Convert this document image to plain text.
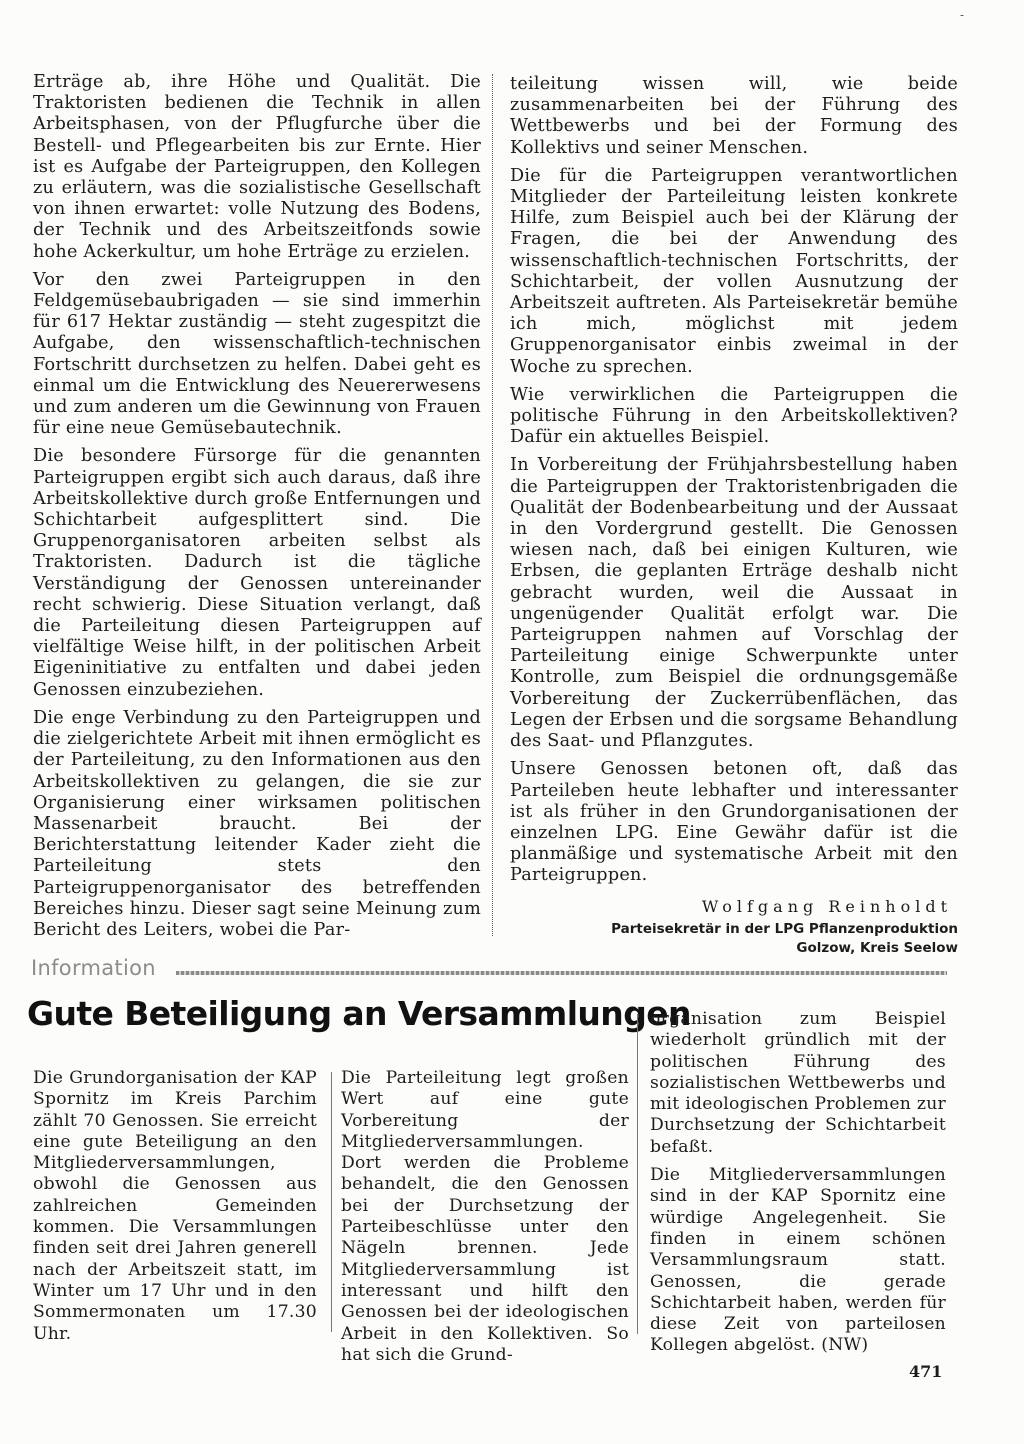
-

Erträge ab, ihre Höhe und Qualität. Die Traktoristen bedienen die Technik in allen Arbeitsphasen, von der Pflugfurche über die Bestell- und Pflegearbeiten bis zur Ernte. Hier ist es Aufgabe der Parteigruppen, den Kollegen zu erläutern, was die sozialistische Gesellschaft von ihnen erwartet: volle Nutzung des Bodens, der Technik und des Arbeitszeitfonds sowie hohe Ackerkultur, um hohe Erträge zu erzielen.

Vor den zwei Parteigruppen in den Feldgemüsebaubrigaden — sie sind immerhin für 617 Hektar zuständig — steht zugespitzt die Aufgabe, den wissenschaftlich-technischen Fortschritt durchsetzen zu helfen. Dabei geht es einmal um die Entwicklung des Neuererwesens und zum anderen um die Gewinnung von Frauen für eine neue Gemüsebautechnik.

Die besondere Fürsorge für die genannten Parteigruppen ergibt sich auch daraus, daß ihre Arbeitskollektive durch große Entfernungen und Schichtarbeit aufgesplittert sind. Die Gruppenorganisatoren arbeiten selbst als Traktoristen. Dadurch ist die tägliche Verständigung der Genossen untereinander recht schwierig. Diese Situation verlangt, daß die Parteileitung diesen Parteigruppen auf vielfältige Weise hilft, in der politischen Arbeit Eigeninitiative zu entfalten und dabei jeden Genossen einzubeziehen.

Die enge Verbindung zu den Parteigruppen und die zielgerichtete Arbeit mit ihnen ermöglicht es der Parteileitung, zu den Informationen aus den Arbeitskollektiven zu gelangen, die sie zur Organisierung einer wirksamen politischen Massenarbeit braucht. Bei der Berichterstattung leitender Kader zieht die Parteileitung stets den Parteigruppenorganisator des betreffenden Bereiches hinzu. Dieser sagt seine Meinung zum Bericht des Leiters, wobei die Par-

teileitung wissen will, wie beide zusammenarbeiten bei der Führung des Wettbewerbs und bei der Formung des Kollektivs und seiner Menschen.

Die für die Parteigruppen verantwortlichen Mitglieder der Parteileitung leisten konkrete Hilfe, zum Beispiel auch bei der Klärung der Fragen, die bei der Anwendung des wissenschaftlich-technischen Fortschritts, der Schichtarbeit, der vollen Ausnutzung der Arbeitszeit auftreten. Als Parteisekretär bemühe ich mich, möglichst mit jedem Gruppenorganisator einbis zweimal in der Woche zu sprechen.

Wie verwirklichen die Parteigruppen die politische Führung in den Arbeitskollektiven? Dafür ein aktuelles Beispiel.

In Vorbereitung der Frühjahrsbestellung haben die Parteigruppen der Traktoristenbrigaden die Qualität der Bodenbearbeitung und der Aussaat in den Vordergrund gestellt. Die Genossen wiesen nach, daß bei einigen Kulturen, wie Erbsen, die geplanten Erträge deshalb nicht gebracht wurden, weil die Aussaat in ungenügender Qualität erfolgt war. Die Parteigruppen nahmen auf Vorschlag der Parteileitung einige Schwerpunkte unter Kontrolle, zum Beispiel die ordnungsgemäße Vorbereitung der Zuckerrübenflächen, das Legen der Erbsen und die sorgsame Behandlung des Saat- und Pflanzgutes.

Unsere Genossen betonen oft, daß das Parteileben heute lebhafter und interessanter ist als früher in den Grundorganisationen der einzelnen LPG. Eine Gewähr dafür ist die planmäßige und systematische Arbeit mit den Parteigruppen.

Wolfgang Reinholdt
Parteisekretär in der LPG Pflanzenproduktion
Golzow, Kreis Seelow
Information
Gute Beteiligung an Versammlungen

Die Grundorganisation der KAP Spornitz im Kreis Parchim zählt 70 Genossen. Sie erreicht eine gute Beteiligung an den Mitgliederversammlungen, obwohl die Genossen aus zahlreichen Gemeinden kommen. Die Versammlungen finden seit drei Jahren generell nach der Arbeitszeit statt, im Winter um 17 Uhr und in den Sommermonaten um 17.30 Uhr.

Die Parteileitung legt großen Wert auf eine gute Vorbereitung der Mitgliederversammlungen. Dort werden die Probleme behandelt, die den Genossen bei der Durchsetzung der Parteibeschlüsse unter den Nägeln brennen. Jede Mitgliederversammlung ist interessant und hilft den Genossen bei der ideologischen Arbeit in den Kollektiven. So hat sich die Grund-

organisation zum Beispiel wiederholt gründlich mit der politischen Führung des sozialistischen Wettbewerbs und mit ideologischen Problemen zur Durchsetzung der Schichtarbeit befaßt.

Die Mitgliederversammlungen sind in der KAP Spornitz eine würdige Angelegenheit. Sie finden in einem schönen Versammlungsraum statt. Genossen, die gerade Schichtarbeit haben, werden für diese Zeit von parteilosen Kollegen abgelöst. (NW)

471
